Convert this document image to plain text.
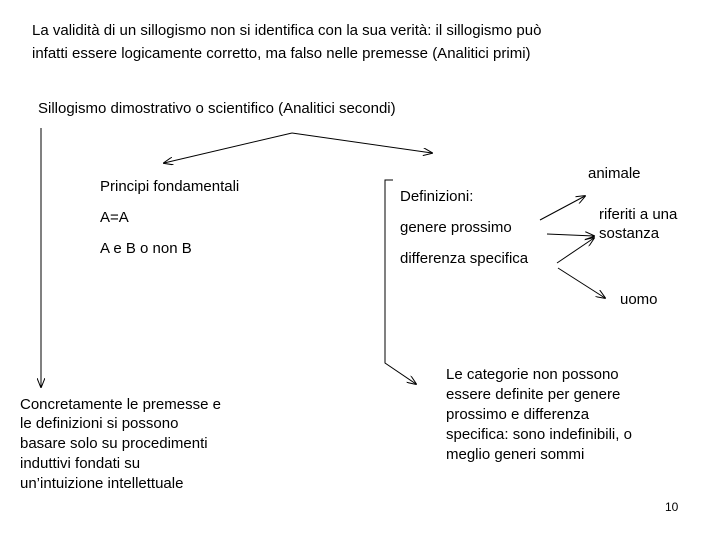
La validità di un sillogismo non si identifica con la sua verità: il sillogismo può
infatti essere logicamente corretto, ma falso nelle premesse (Analitici primi)
Sillogismo dimostrativo o scientifico (Analitici secondi)
Principi fondamentali
A=A
A e B o non B
Definizioni:
genere prossimo
differenza specifica
animale
riferiti a una
sostanza
uomo
Concretamente le premesse e
le definizioni si possono
basare solo su procedimenti
induttivi fondati su
un’intuizione intellettuale
Le categorie non possono
essere definite per genere
prossimo e differenza
specifica: sono indefinibili, o
meglio generi sommi
10
